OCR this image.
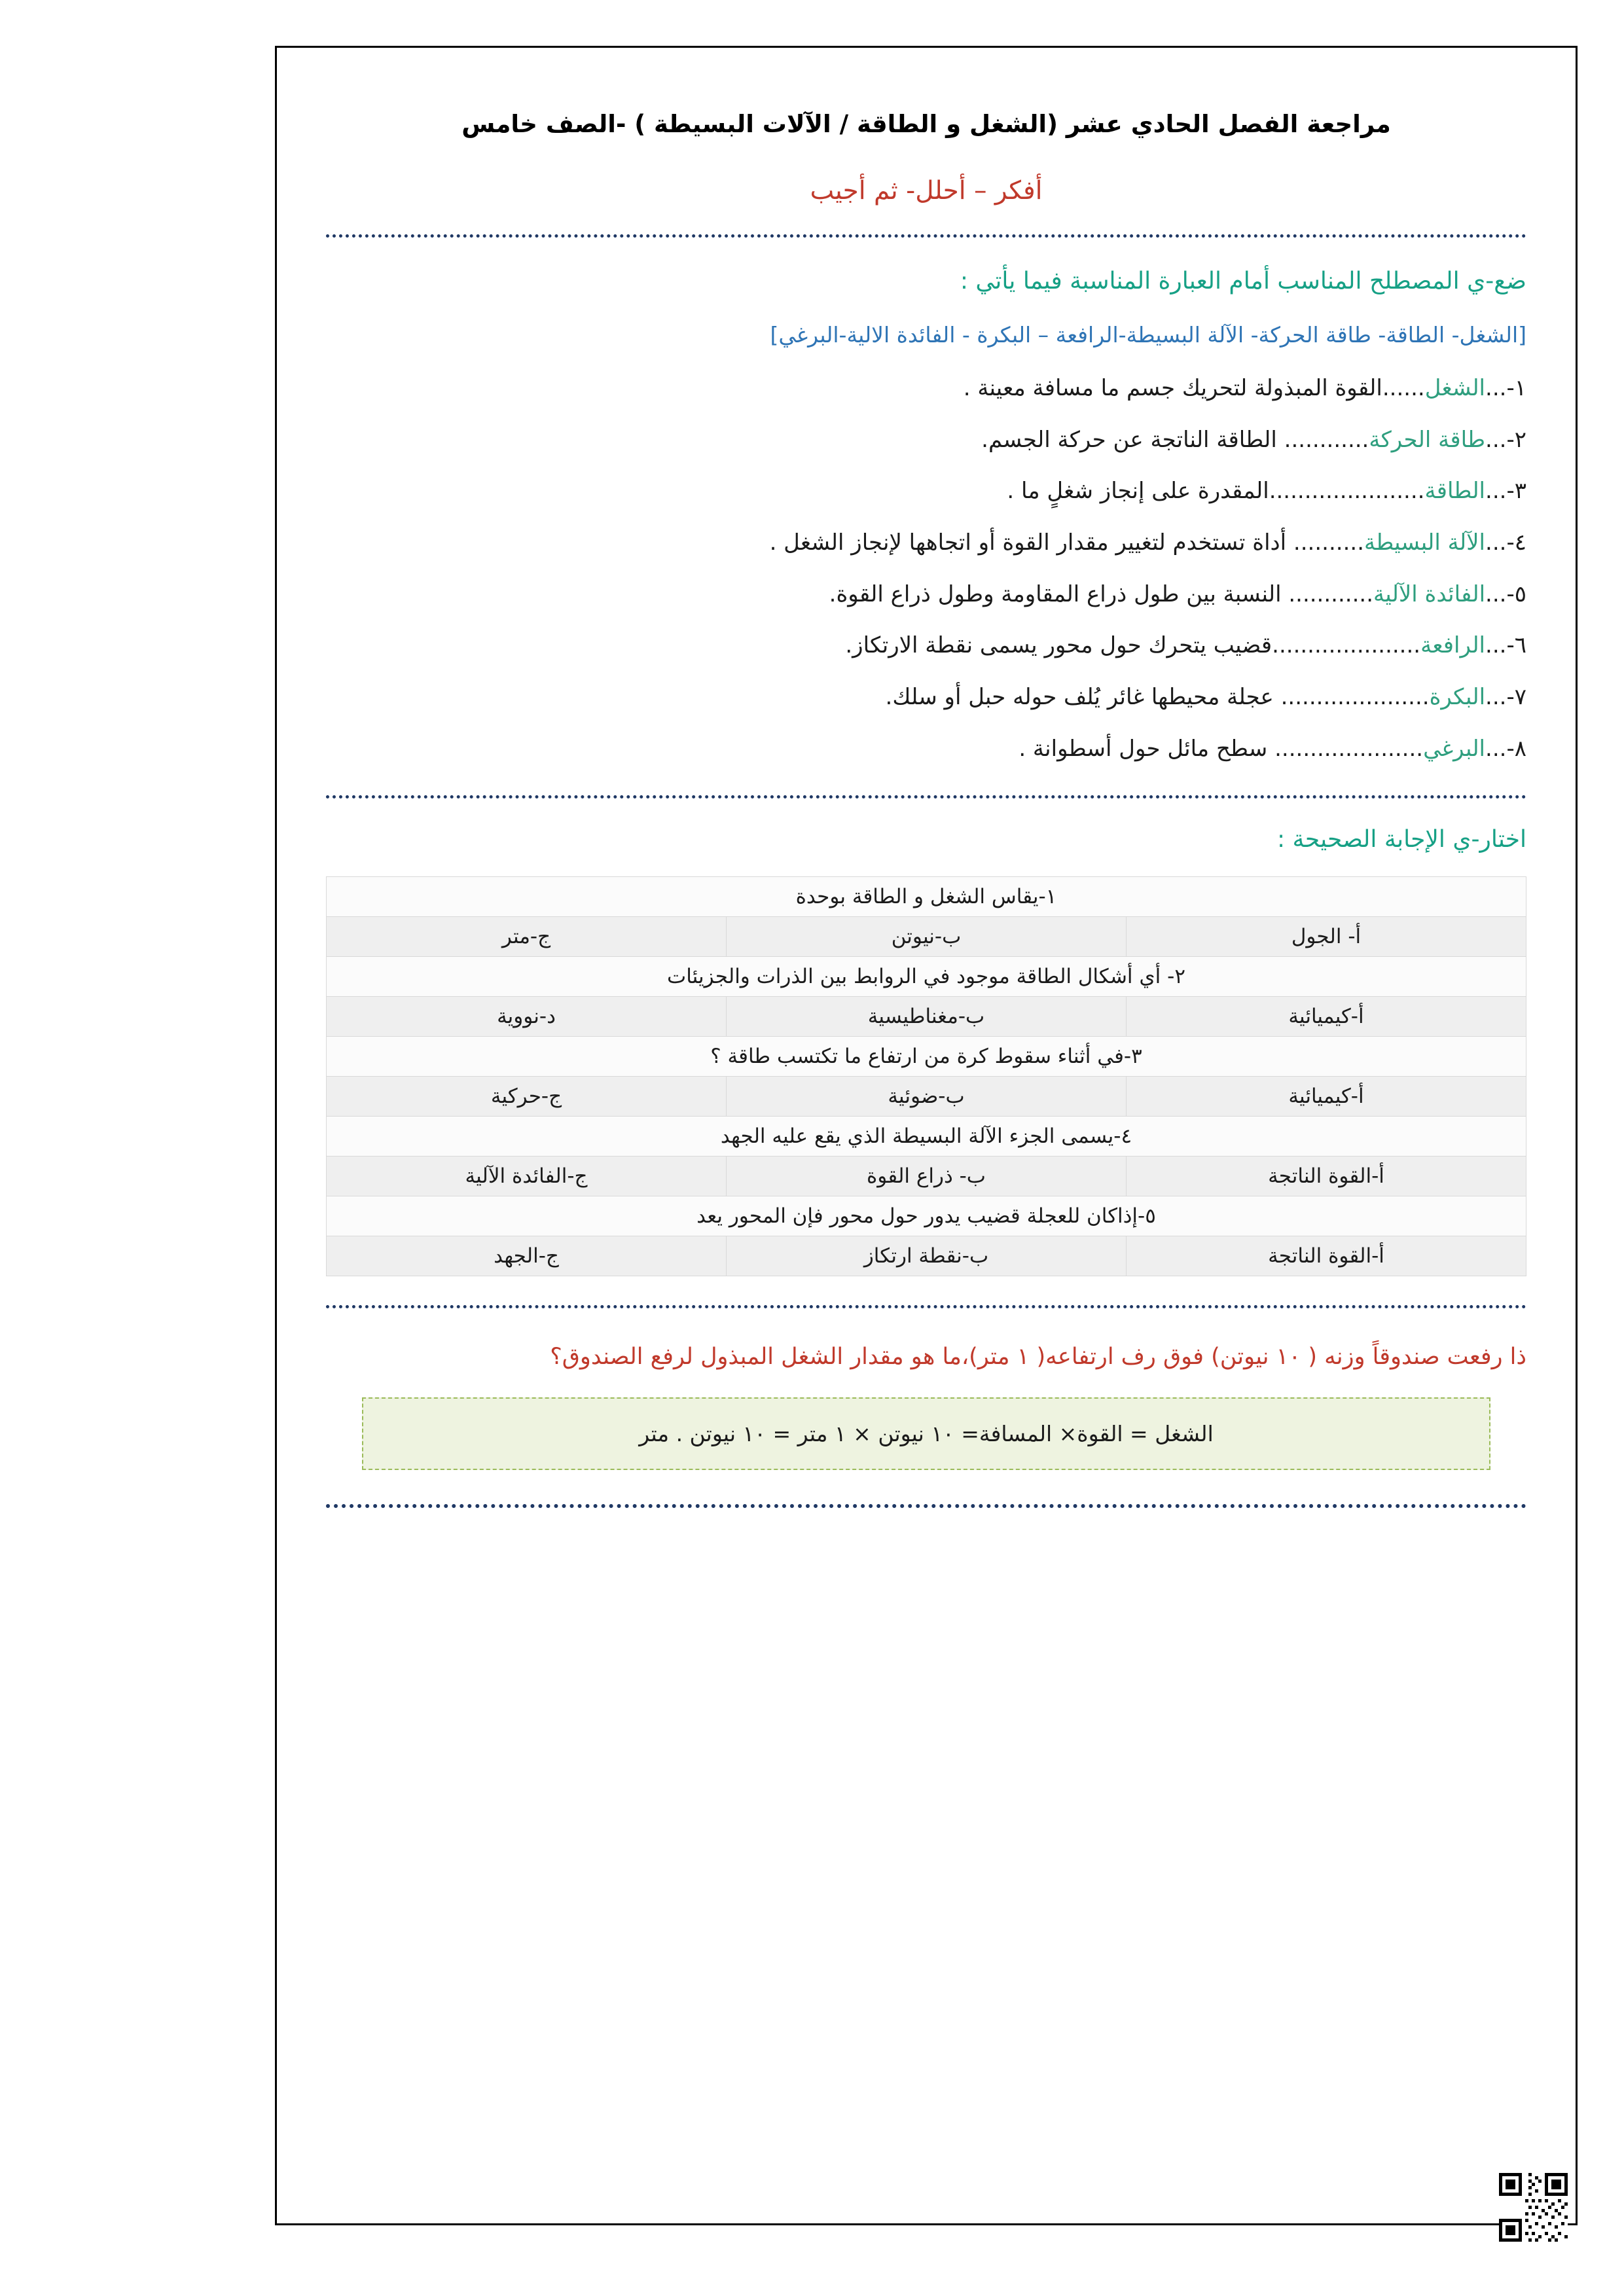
مراجعة الفصل الحادي عشر (الشغل و الطاقة / الآلات البسيطة ) -الصف خامس
أفكر – أحلل- ثم أجيب
ضع-ي المصطلح المناسب أمام العبارة المناسبة فيما يأتي :
[الشغل- الطاقة- طاقة الحركة- الآلة البسيطة-الرافعة – البكرة - الفائدة الالية-البرغي]
١-...الشغل......القوة المبذولة لتحريك جسم ما مسافة معينة .
٢-...طاقة الحركة............ الطاقة الناتجة عن حركة الجسم.
٣-...الطاقة......................المقدرة على إنجاز شغلٍ ما .
٤-...الآلة البسيطة.......... أداة تستخدم لتغيير مقدار القوة أو اتجاهها لإنجاز الشغل .
٥-...الفائدة الآلية............ النسبة بين طول ذراع المقاومة وطول ذراع القوة.
٦-...الرافعة.....................قضيب يتحرك حول محور يسمى نقطة الارتكاز.
٧-...البكرة..................... عجلة محيطها غائر يُلف حوله حبل أو سلك.
٨-...البرغي..................... سطح مائل حول أسطوانة .
اختار-ي الإجابة الصحيحة :
١-يقاس الشغل و الطاقة بوحدة		
أ- الجول	ب-نيوتن	ج-متر
٢- أي أشكال الطاقة موجود في الروابط بين الذرات والجزيئات		
أ-كيميائية	ب-مغناطيسية	د-نووية
٣-في أثناء سقوط كرة من ارتفاع ما تكتسب طاقة ؟		
أ-كيميائية	ب-ضوئية	ج-حركية
٤-يسمى الجزء الآلة البسيطة الذي يقع عليه الجهد		
أ-القوة الناتجة	ب- ذراع القوة	ج-الفائدة الآلية
٥-إذاكان للعجلة قضيب يدور حول محور فإن المحور يعد		
أ-القوة الناتجة	ب-نقطة ارتكاز	ج-الجهد
ذا رفعت صندوقاً وزنه ( ١٠ نيوتن) فوق رف ارتفاعه( ١ متر)،ما هو مقدار الشغل المبذول لرفع الصندوق؟
الشغل = القوة× المسافة= ١٠ نيوتن × ١ متر = ١٠ نيوتن . متر
